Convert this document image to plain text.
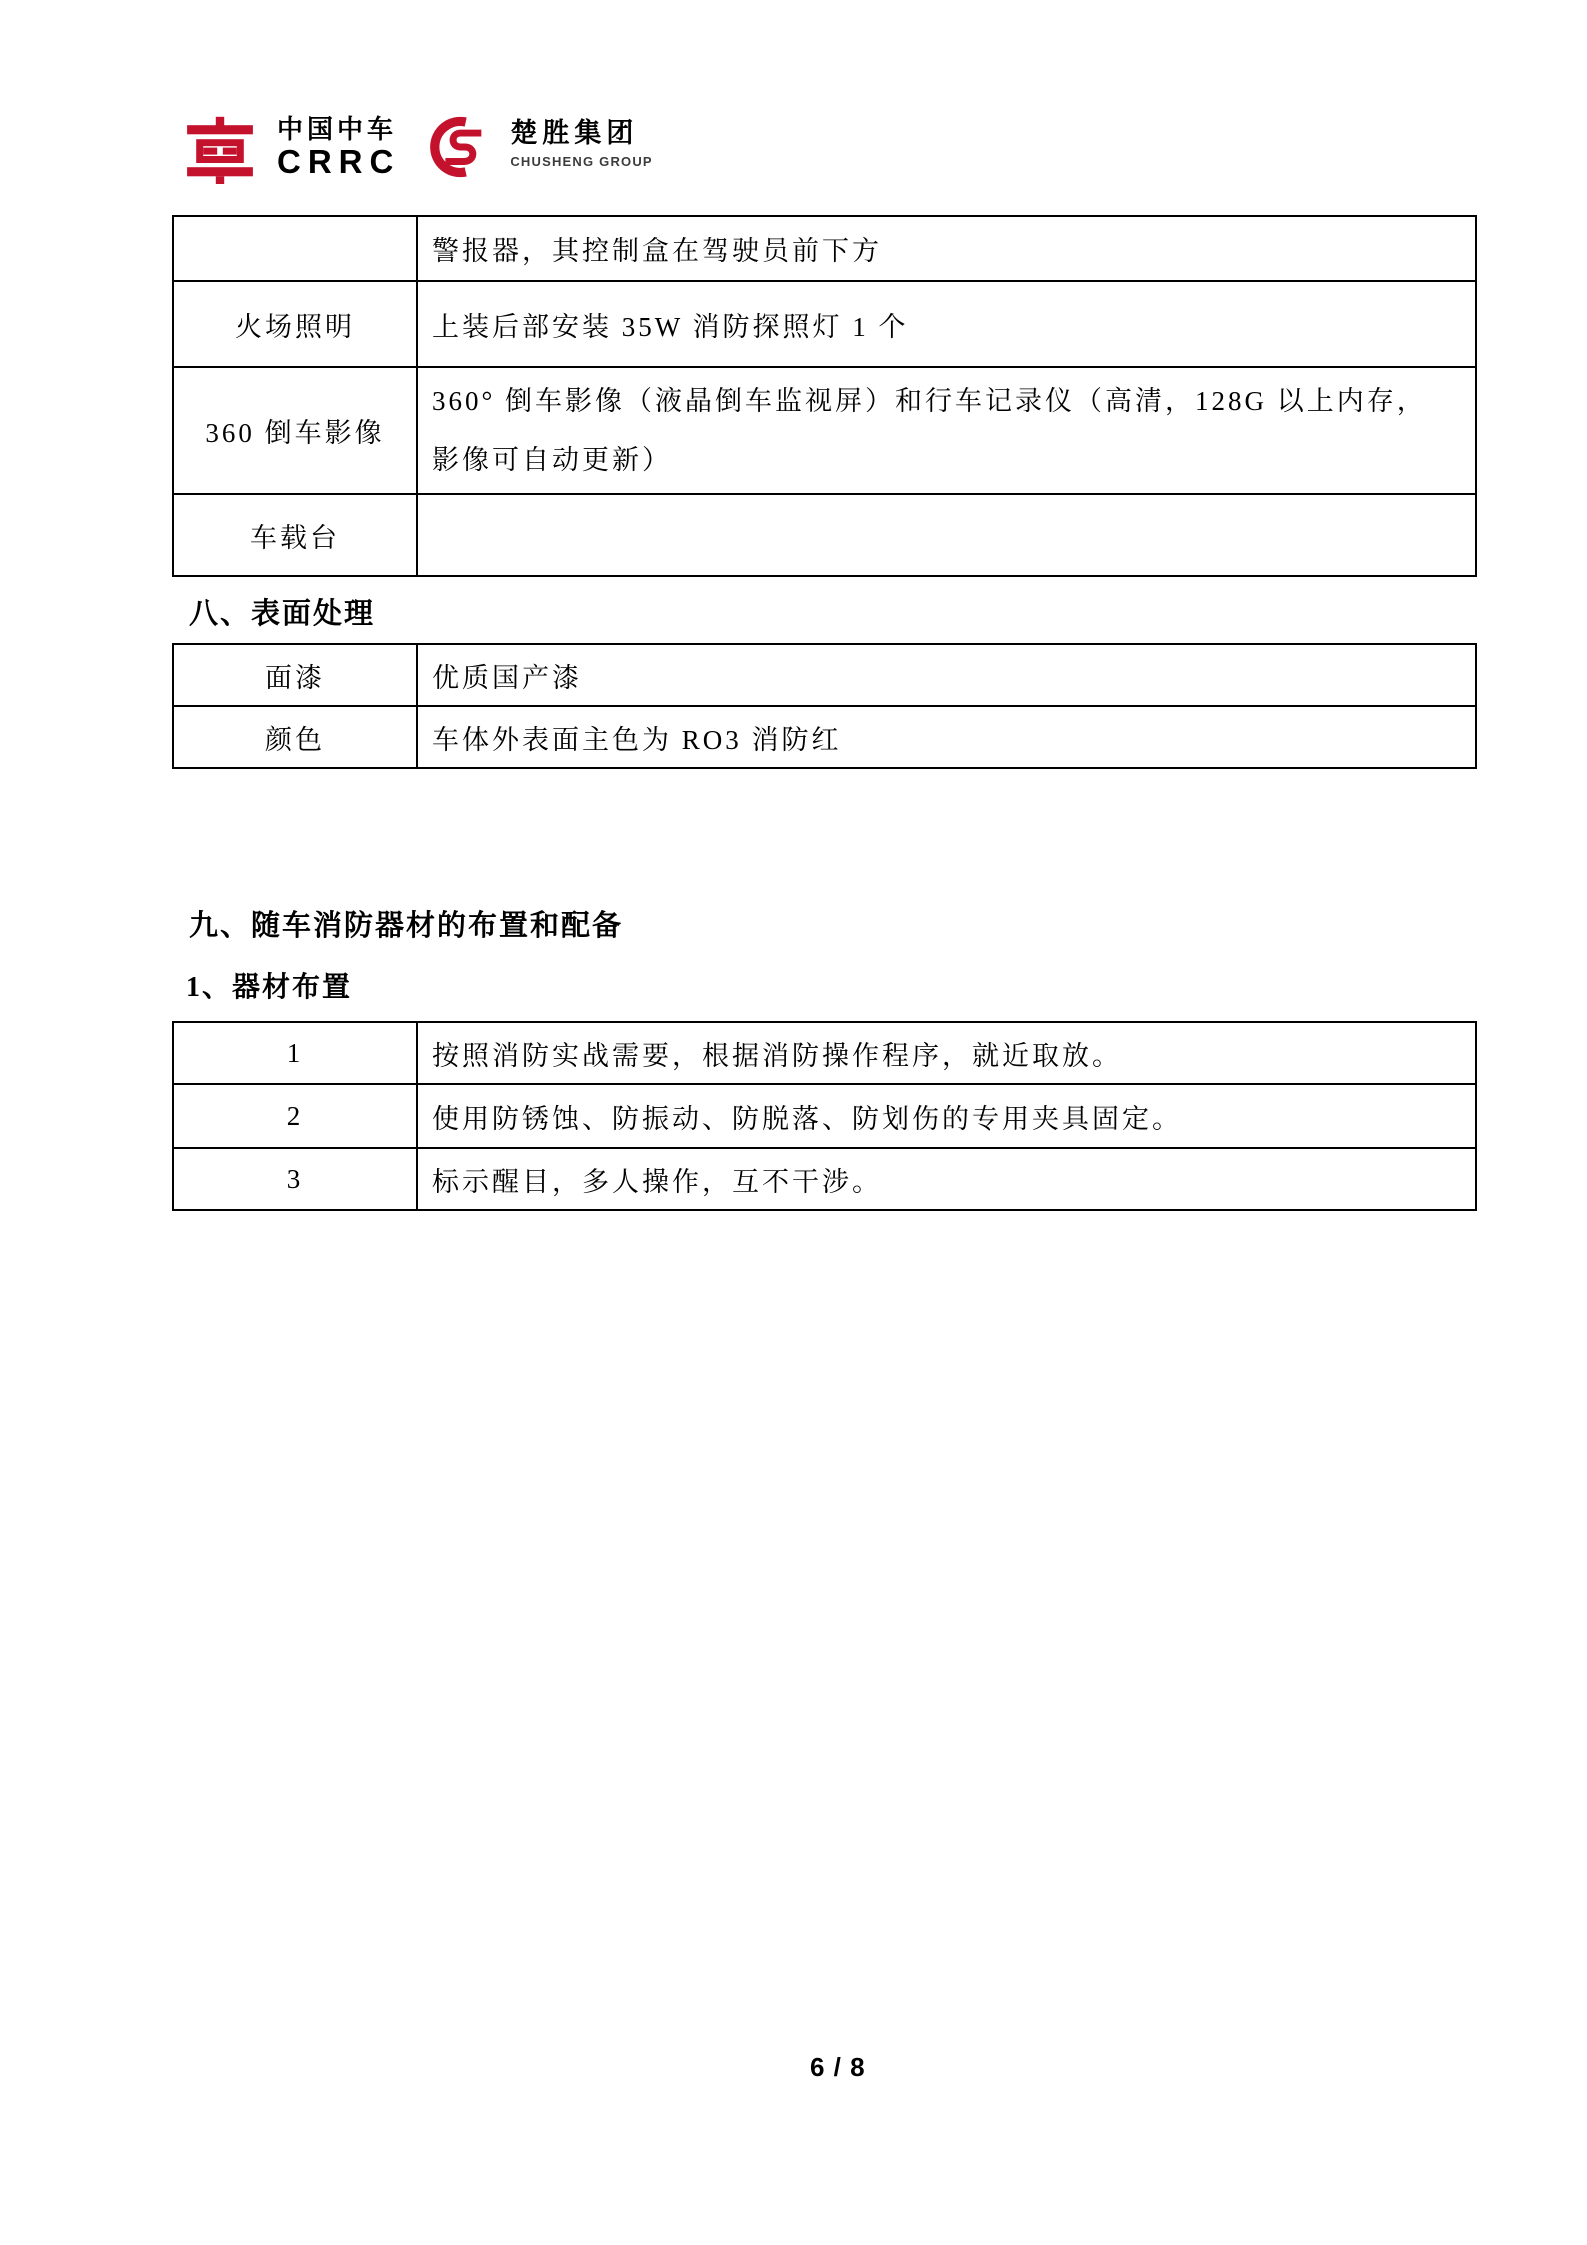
中国中车
CRRC
楚胜集团
CHUSHENG GROUP
	警报器，其控制盒在驾驶员前下方
火场照明	上装后部安装 35W 消防探照灯 1 个
360 倒车影像	360° 倒车影像（液晶倒车监视屏）和行车记录仪（高清，128G 以上内存，
影像可自动更新）

车载台	
八、表面处理
面漆	优质国产漆
颜色	车体外表面主色为 RO3 消防红
九、随车消防器材的布置和配备
1、器材布置
1	按照消防实战需要，根据消防操作程序，就近取放。
2	使用防锈蚀、防振动、防脱落、防划伤的专用夹具固定。
3	标示醒目，多人操作，互不干涉。
6 / 8
